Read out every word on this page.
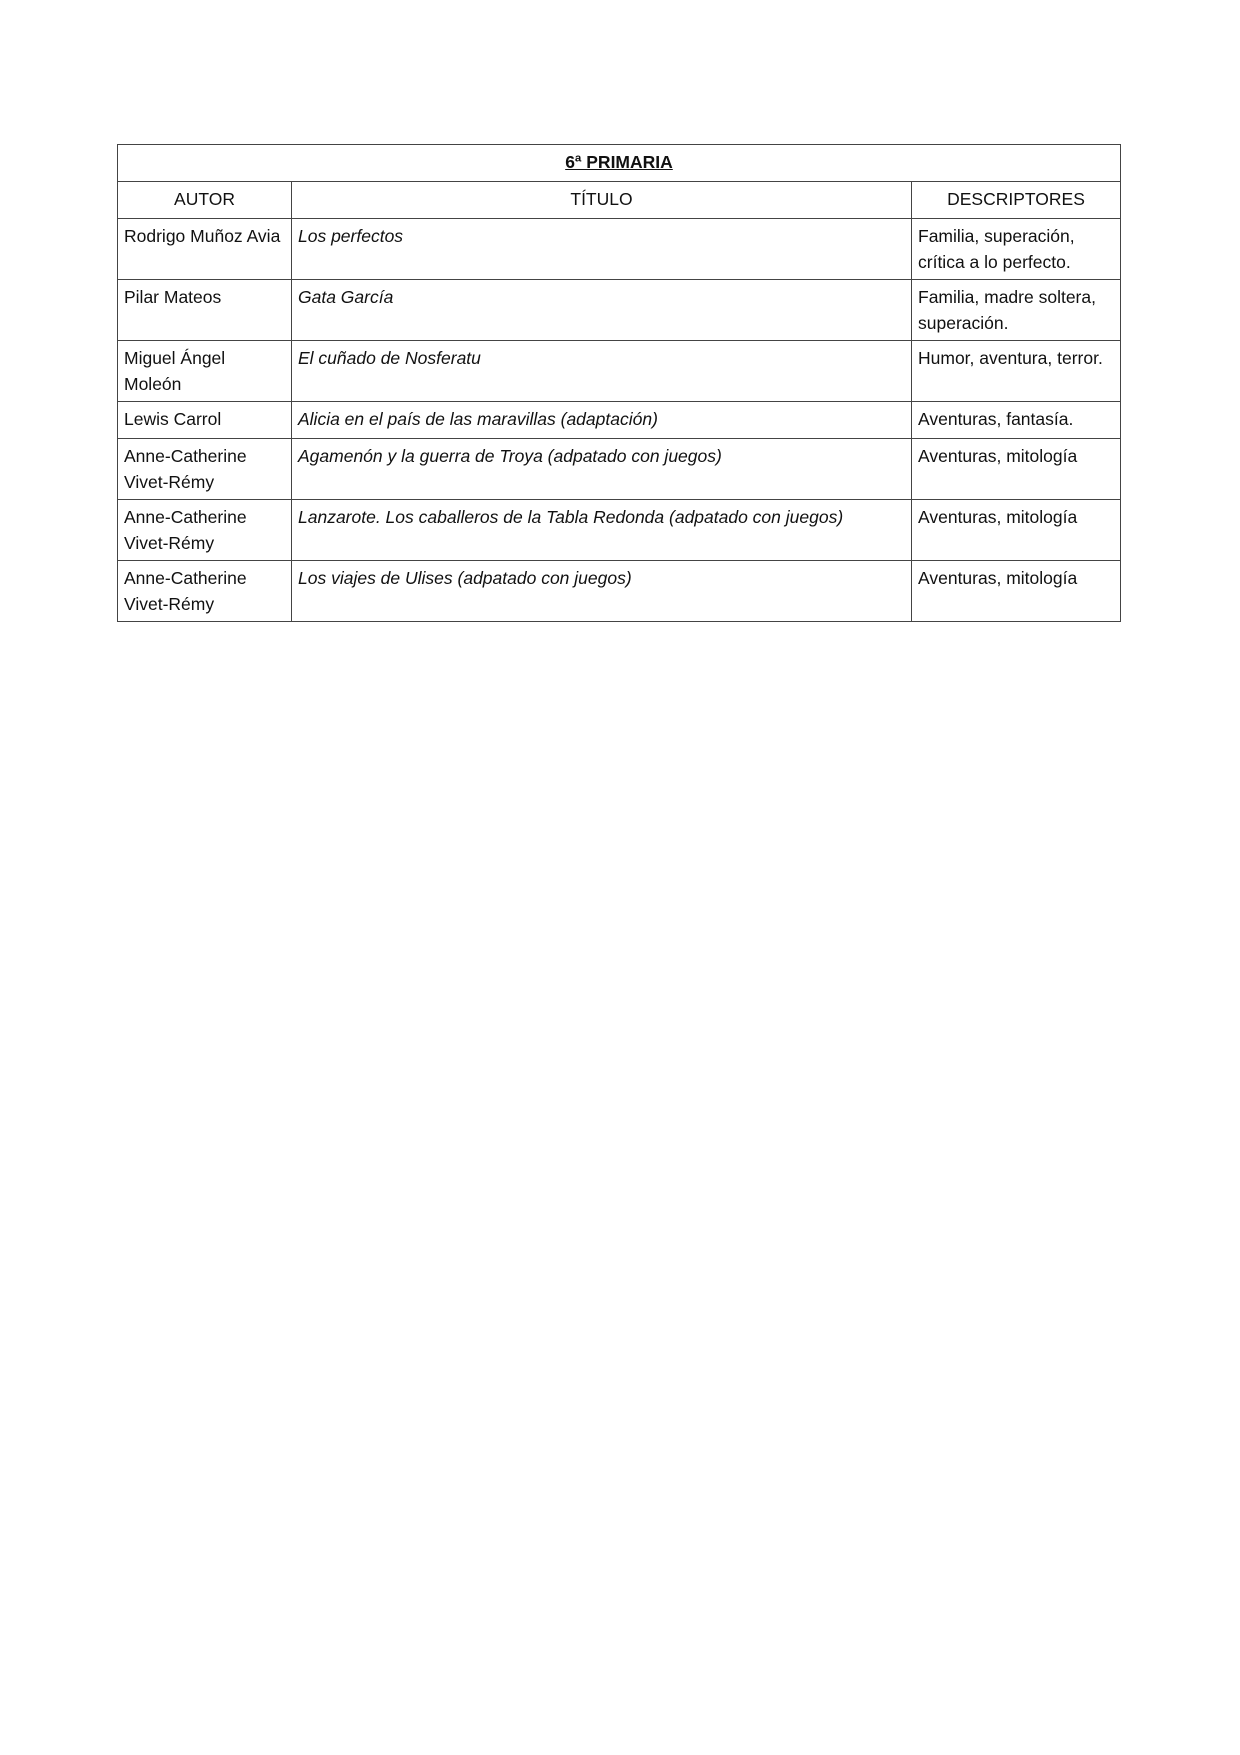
6ª PRIMARIA		
AUTOR	TÍTULO	DESCRIPTORES
Rodrigo Muñoz Avia	Los perfectos	Familia, superación, crítica a lo perfecto.
Pilar Mateos	Gata García	Familia, madre soltera, superación.
Miguel Ángel Moleón	El cuñado de Nosferatu	Humor, aventura, terror.
Lewis Carrol	Alicia en el país de las maravillas (adaptación)	Aventuras, fantasía.
Anne-Catherine Vivet-Rémy	Agamenón y la guerra de Troya (adpatado con juegos)	Aventuras, mitología
Anne-Catherine Vivet-Rémy	Lanzarote. Los caballeros de la Tabla Redonda (adpatado con juegos)	Aventuras, mitología
Anne-Catherine Vivet-Rémy	Los viajes de Ulises (adpatado con juegos)	Aventuras, mitología
